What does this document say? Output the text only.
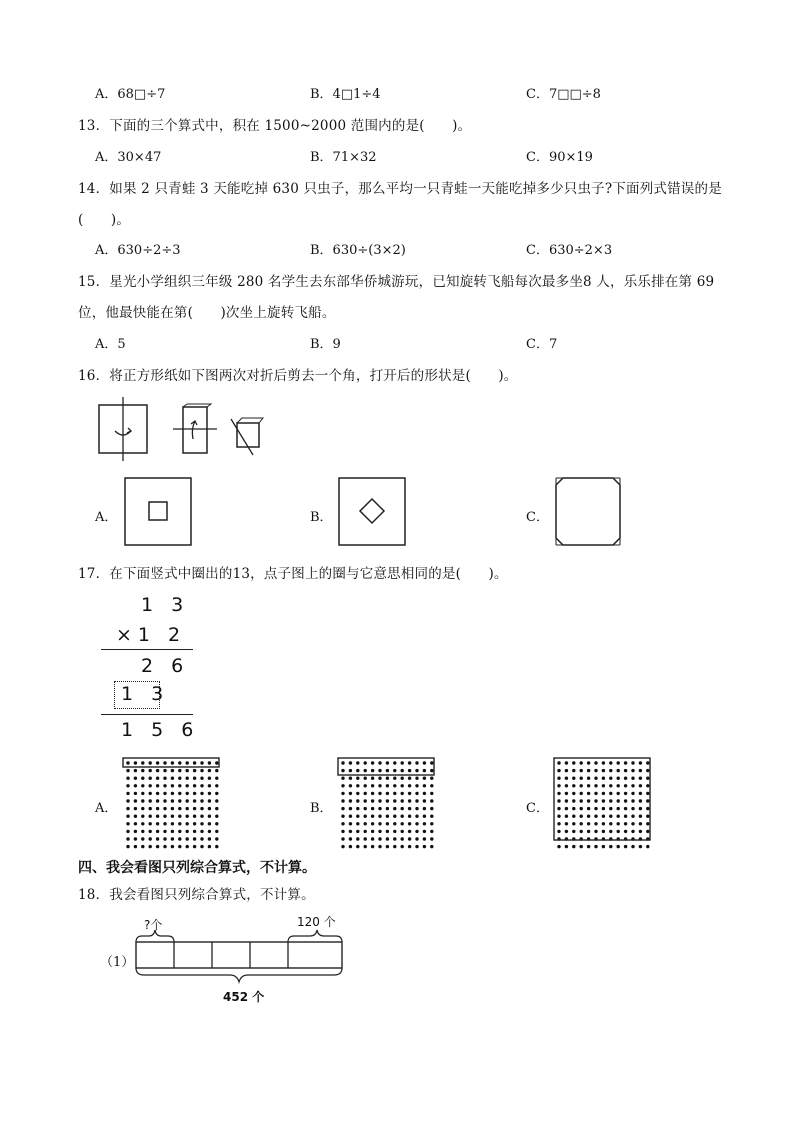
A．68□÷7	B．4□1÷4	C．7□□÷8
13．下面的三个算式中，积在 1500~2000 范围内的是(　　)。
A．30×47	B．71×32	C．90×19
14．如果 2 只青蛙 3 天能吃掉 630 只虫子，那么平均一只青蛙一天能吃掉多少只虫子?下面列式错误的是
(　　)。
A．630÷2÷3	B．630÷(3×2)	C．630÷2×3
15．星光小学组织三年级 280 名学生去东部华侨城游玩，已知旋转飞船每次最多坐8 人，乐乐排在第 69
位，他最快能在第(　　)次坐上旋转飞船。
A．5	B．9	C．7
16．将正方形纸如下图两次对折后剪去一个角，打开后的形状是(　　)。
A．	B．	C．
17．在下面竖式中圈出的13，点子图上的圈与它意思相同的是(　　)。
1 3
×1 2
2 6
1 3
1 5 6
A．	B．	C．
四、我会看图只列综合算式，不计算。
18．我会看图只列综合算式，不计算。
（1）
?个	120 个
452 个
